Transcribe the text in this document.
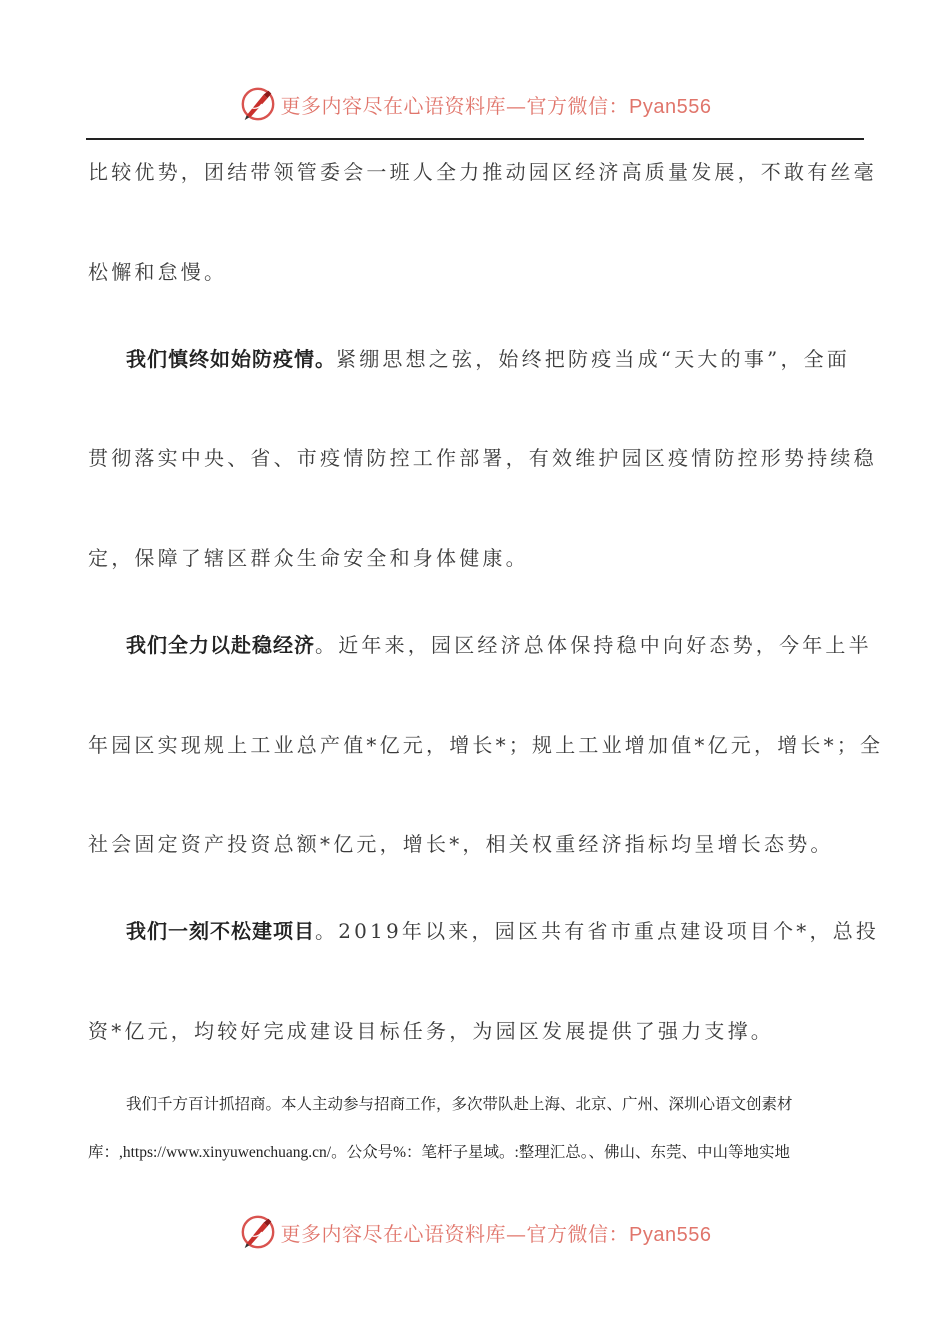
更多内容尽在心语资料库—官方微信：Pyan556
比较优势，团结带领管委会一班人全力推动园区经济高质量发展，不敢有丝毫
松懈和怠慢。
我们慎终如始防疫情。紧绷思想之弦，始终把防疫当成“天大的事”，全面
贯彻落实中央、省、市疫情防控工作部署，有效维护园区疫情防控形势持续稳
定，保障了辖区群众生命安全和身体健康。
我们全力以赴稳经济。近年来，园区经济总体保持稳中向好态势，今年上半
年园区实现规上工业总产值*亿元，增长*；规上工业增加值*亿元，增长*；全
社会固定资产投资总额*亿元，增长*，相关权重经济指标均呈增长态势。
我们一刻不松建项目。2019年以来，园区共有省市重点建设项目个*，总投
资*亿元，均较好完成建设目标任务，为园区发展提供了强力支撑。
我们千方百计抓招商。本人主动参与招商工作，多次带队赴上海、北京、广州、深圳心语文创素材
库：,https://www.xinyuwenchuang.cn/。公众号%：笔杆子星域。:整理汇总。、佛山、东莞、中山等地实地
更多内容尽在心语资料库—官方微信：Pyan556
